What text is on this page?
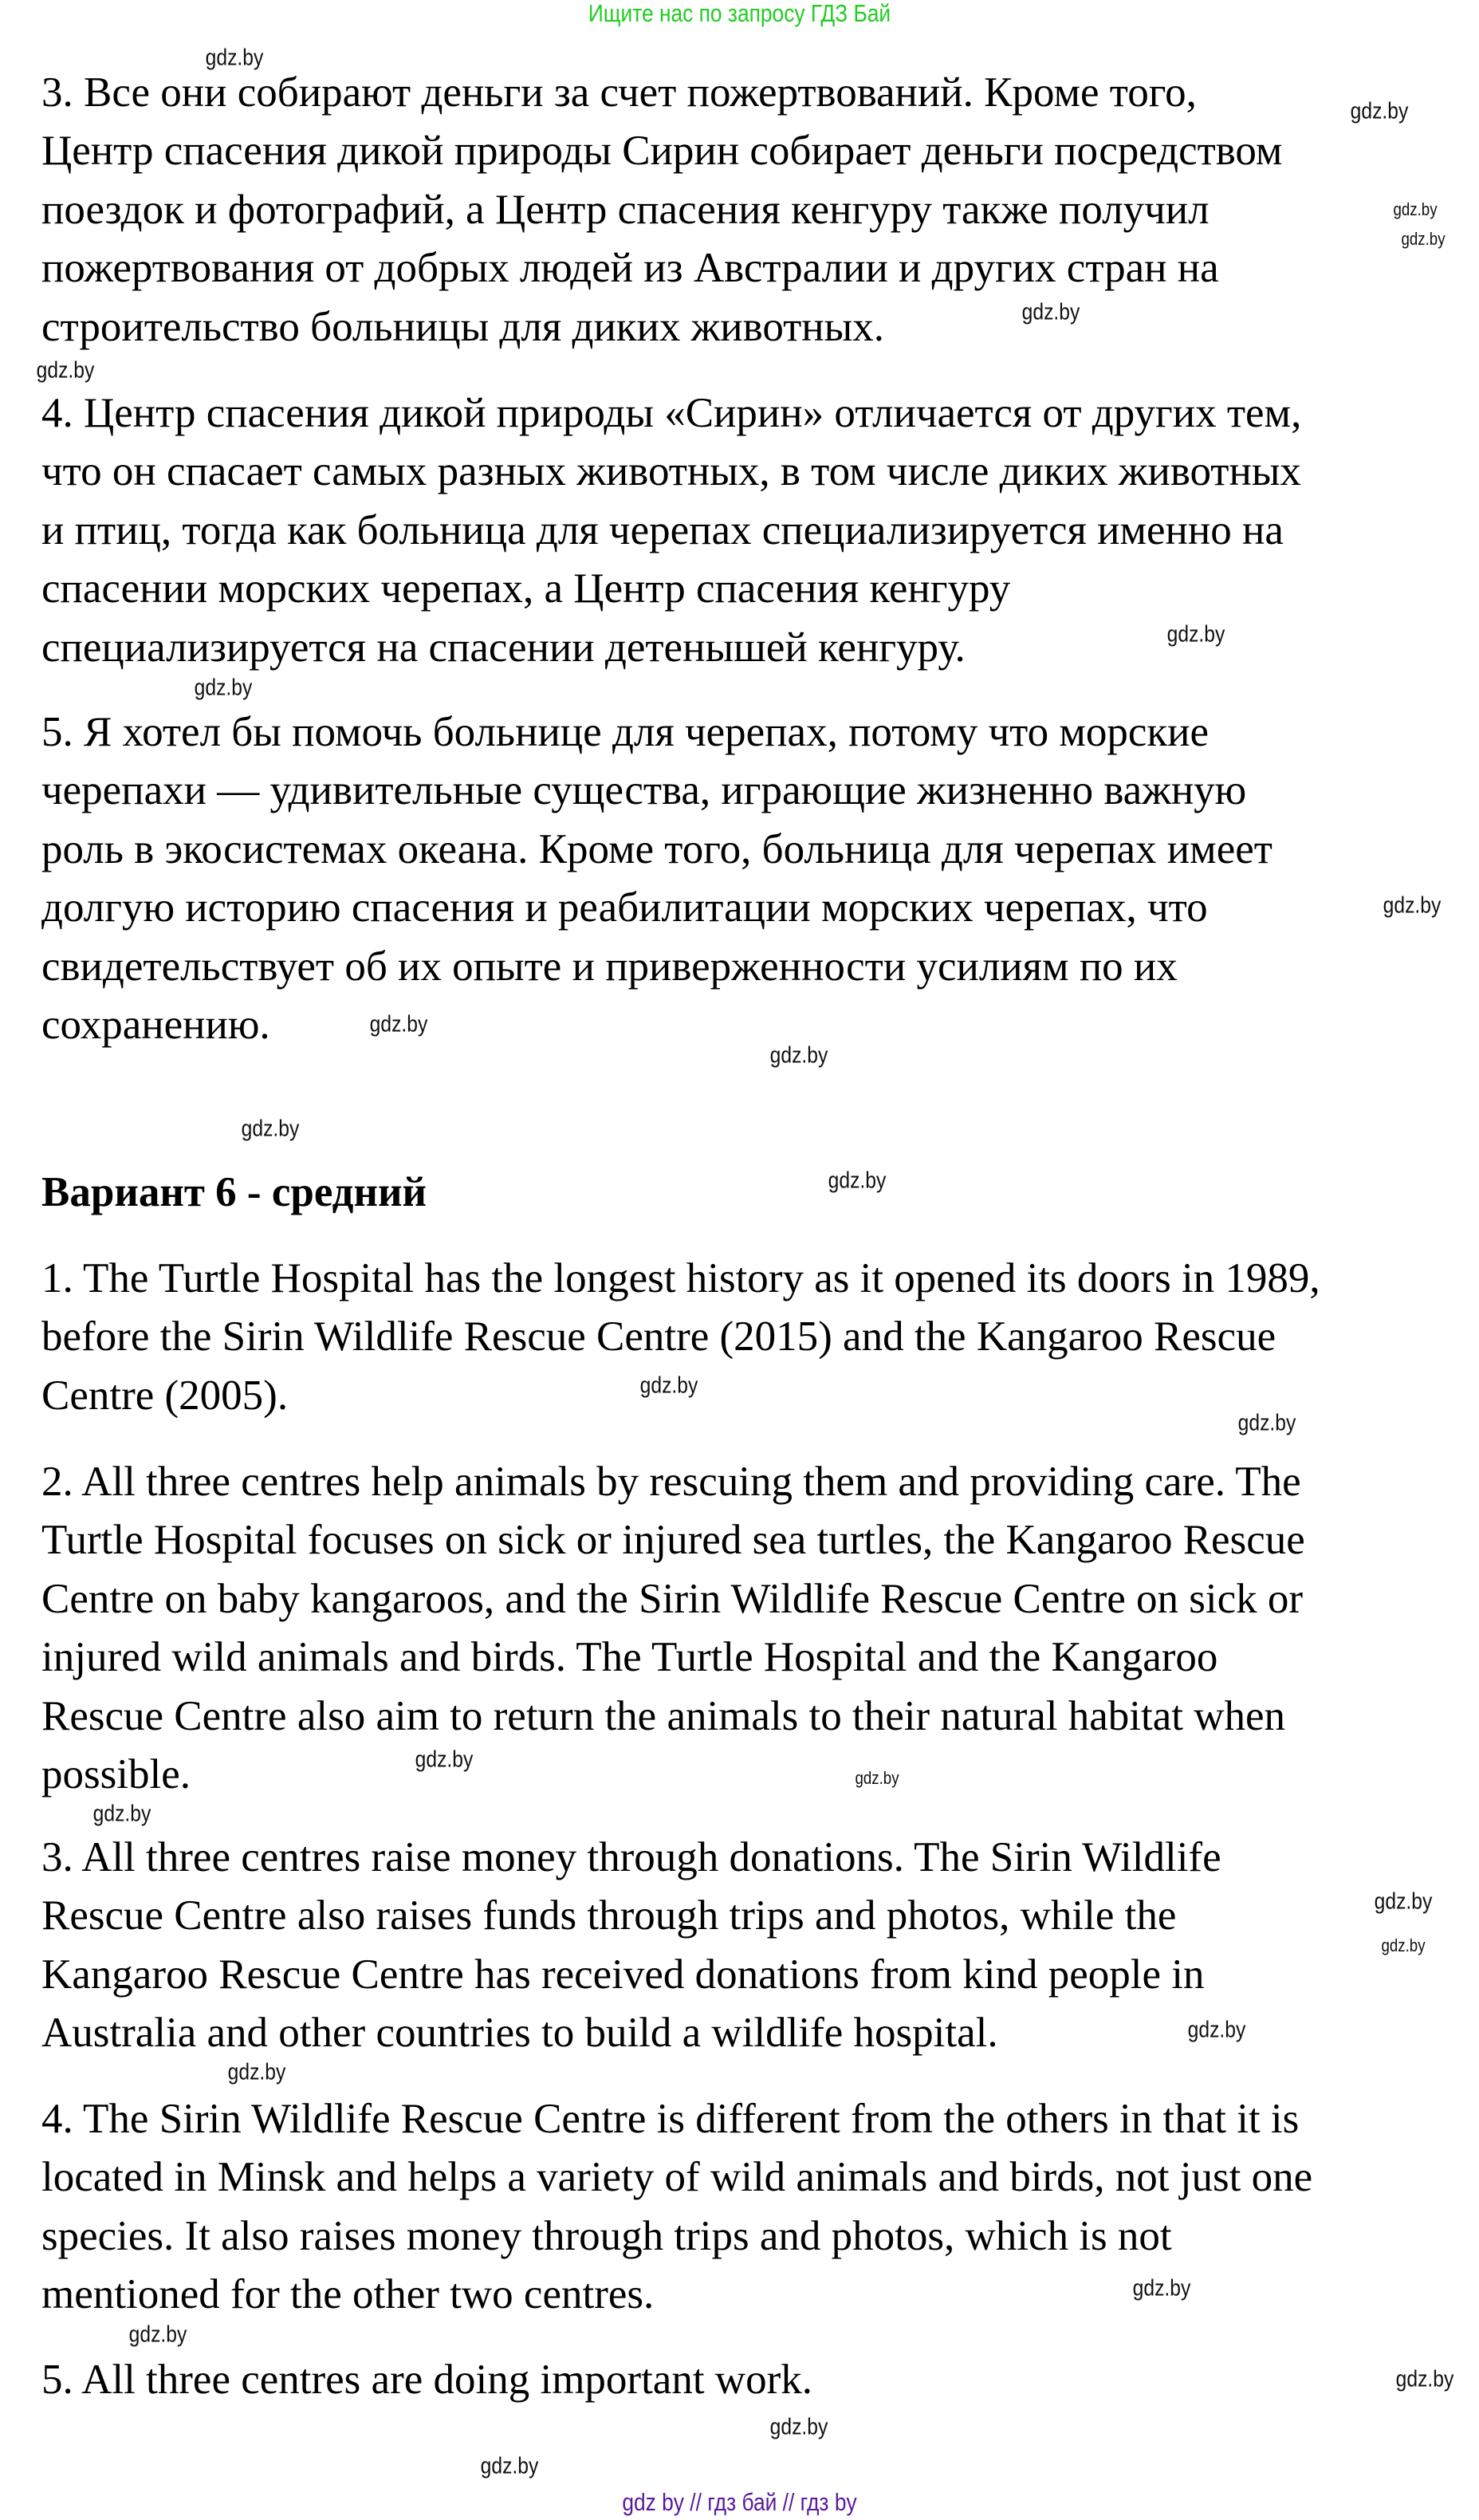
Ищите нас по запросу ГДЗ Бай
3. Все они собирают деньги за счет пожертвований. Кроме того,
Центр спасения дикой природы Сирин собирает деньги посредством
поездок и фотографий, а Центр спасения кенгуру также получил
пожертвования от добрых людей из Австралии и других стран на
строительство больницы для диких животных.
4. Центр спасения дикой природы «Сирин» отличается от других тем,
что он спасает самых разных животных, в том числе диких животных
и птиц, тогда как больница для черепах специализируется именно на
спасении морских черепах, а Центр спасения кенгуру
специализируется на спасении детенышей кенгуру.
5. Я хотел бы помочь больнице для черепах, потому что морские
черепахи — удивительные существа, играющие жизненно важную
роль в экосистемах океана. Кроме того, больница для черепах имеет
долгую историю спасения и реабилитации морских черепах, что
свидетельствует об их опыте и приверженности усилиям по их
сохранению.
Вариант 6 - средний
1. The Turtle Hospital has the longest history as it opened its doors in 1989,
before the Sirin Wildlife Rescue Centre (2015) and the Kangaroo Rescue
Centre (2005).
2. All three centres help animals by rescuing them and providing care. The
Turtle Hospital focuses on sick or injured sea turtles, the Kangaroo Rescue
Centre on baby kangaroos, and the Sirin Wildlife Rescue Centre on sick or
injured wild animals and birds. The Turtle Hospital and the Kangaroo
Rescue Centre also aim to return the animals to their natural habitat when
possible.
3. All three centres raise money through donations. The Sirin Wildlife
Rescue Centre also raises funds through trips and photos, while the
Kangaroo Rescue Centre has received donations from kind people in
Australia and other countries to build a wildlife hospital.
4. The Sirin Wildlife Rescue Centre is different from the others in that it is
located in Minsk and helps a variety of wild animals and birds, not just one
species. It also raises money through trips and photos, which is not
mentioned for the other two centres.
5. All three centres are doing important work.
gdz.by
gdz.by
gdz.by
gdz.by
gdz.by
gdz.by
gdz.by
gdz.by
gdz.by
gdz.by
gdz.by
gdz.by
gdz.by
gdz.by
gdz.by
gdz.by
gdz.by
gdz.by
gdz.by
gdz.by
gdz.by
gdz.by
gdz.by
gdz.by
gdz.by
gdz.by
gdz.by
gdz by // гдз бай // гдз by
